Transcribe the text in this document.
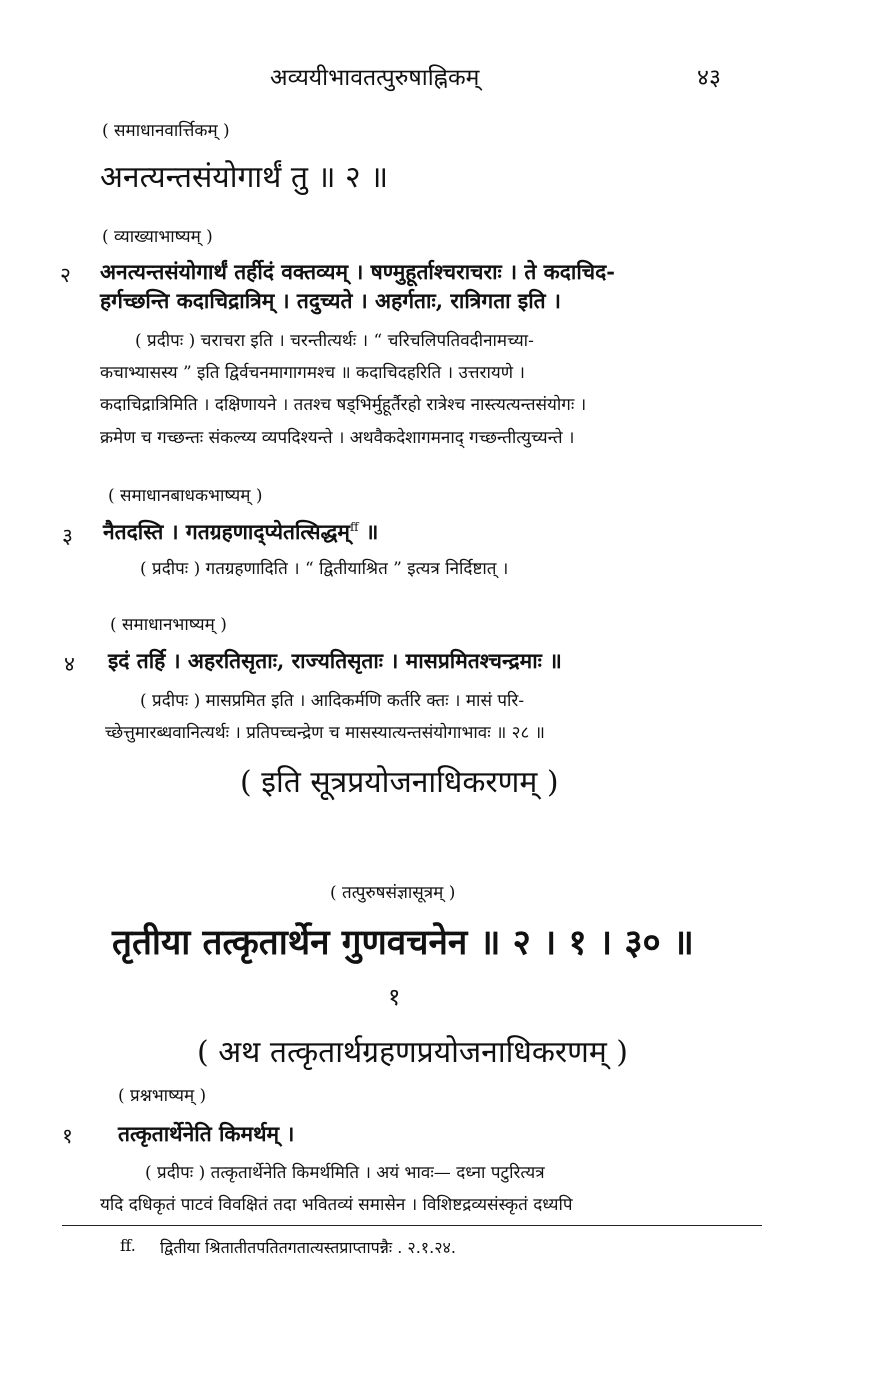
अव्ययीभावतत्पुरुषाह्निकम्	४३
( समाधानवार्त्तिकम् )
अनत्यन्तसंयोगार्थं तु ॥ २ ॥
( व्याख्याभाष्यम् )
२ अनत्यन्तसंयोगार्थं तर्हीदं वक्तव्यम् । षण्मुहूर्ताश्चराचराः । ते कदाचिद-
हर्गच्छन्ति कदाचिद्रात्रिम् । तदुच्यते । अहर्गताः, रात्रिगता इति ।
( प्रदीपः ) चराचरा इति । चरन्तीत्यर्थः । “ चरिचलिपतिवदीनामच्या-
कचाभ्यासस्य ” इति द्विर्वचनमागागमश्च ॥ कदाचिदहरिति । उत्तरायणे ।
कदाचिद्रात्रिमिति । दक्षिणायने । ततश्च षड्भिर्मुहूर्तैरहो रात्रेश्च नास्त्यत्यन्तसंयोगः ।
क्रमेण च गच्छन्तः संकल्य्य व्यपदिश्यन्ते । अथवैकदेशागमनाद् गच्छन्तीत्युच्यन्ते ।
( समाधानबाधकभाष्यम् )
३ नैतदस्ति । गतग्रहणाद्प्येतत्सिद्धम्$^{ff}$ ॥
( प्रदीपः ) गतग्रहणादिति । “ द्वितीयाश्रित ” इत्यत्र निर्दिष्टात् ।
( समाधानभाष्यम् )
४ इदं तर्हि । अहरतिसृताः, राज्यतिसृताः । मासप्रमितश्चन्द्रमाः ॥
( प्रदीपः ) मासप्रमित इति । आदिकर्मणि कर्तरि क्तः । मासं परि-
च्छेत्तुमारब्धवानित्यर्थः । प्रतिपच्चन्द्रेण च मासस्यात्यन्तसंयोगाभावः ॥ २८ ॥
( इति सूत्रप्रयोजनाधिकरणम् )
( तत्पुरुषसंज्ञासूत्रम् )
तृतीया तत्कृतार्थेन गुणवचनेन ॥ २ । १ । ३० ॥
१
( अथ तत्कृतार्थग्रहणप्रयोजनाधिकरणम् )
( प्रश्नभाष्यम् )
१ तत्कृतार्थेनेति किमर्थम् ।
( प्रदीपः ) तत्कृतार्थेनेति किमर्थमिति । अयं भावः— दध्ना पटुरित्यत्र
यदि दधिकृतं पाटवं विवक्षितं तदा भवितव्यं समासेन । विशिष्टद्रव्यसंस्कृतं दध्यपि
ff. द्वितीया श्रितातीतपतितगतात्यस्तप्राप्तापन्नैः . २.१.२४.
